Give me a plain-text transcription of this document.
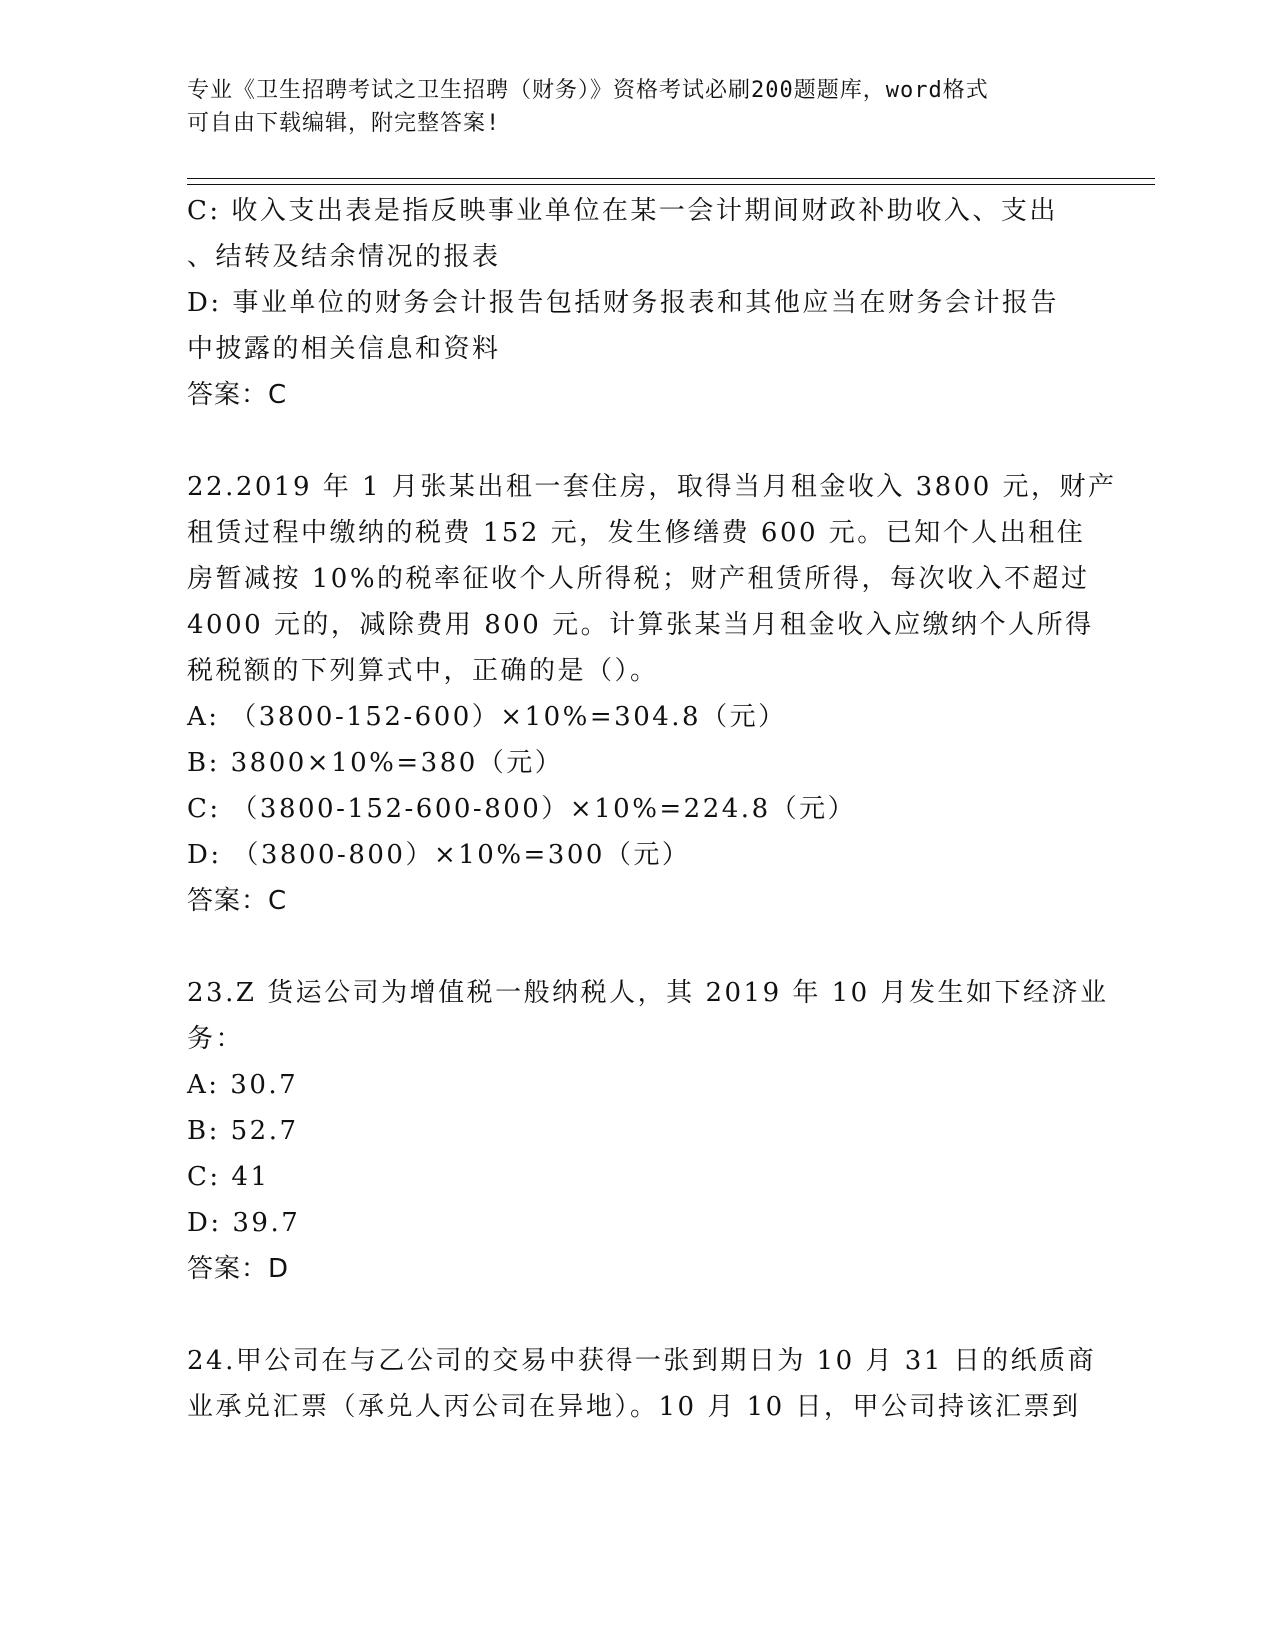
专业《卫生招聘考试之卫生招聘（财务）》资格考试必刷200题题库，word格式
可自由下载编辑，附完整答案!
C: 收入支出表是指反映事业单位在某一会计期间财政补助收入、支出
、结转及结余情况的报表
D: 事业单位的财务会计报告包括财务报表和其他应当在财务会计报告
中披露的相关信息和资料
答案：C
22.2019 年 1 月张某出租一套住房，取得当月租金收入 3800 元，财产
租赁过程中缴纳的税费 152 元，发生修缮费 600 元。已知个人出租住
房暂减按 10%的税率征收个人所得税；财产租赁所得，每次收入不超过
4000 元的，减除费用 800 元。计算张某当月租金收入应缴纳个人所得
税税额的下列算式中，正确的是（）。
A: （3800-152-600）×10%=304.8（元）
B: 3800×10%=380（元）
C: （3800-152-600-800）×10%=224.8（元）
D: （3800-800）×10%=300（元）
答案：C
23.Z 货运公司为增值税一般纳税人，其 2019 年 10 月发生如下经济业
务：
A: 30.7
B: 52.7
C: 41
D: 39.7
答案：D
24.甲公司在与乙公司的交易中获得一张到期日为 10 月 31 日的纸质商
业承兑汇票（承兑人丙公司在异地）。10 月 10 日，甲公司持该汇票到
